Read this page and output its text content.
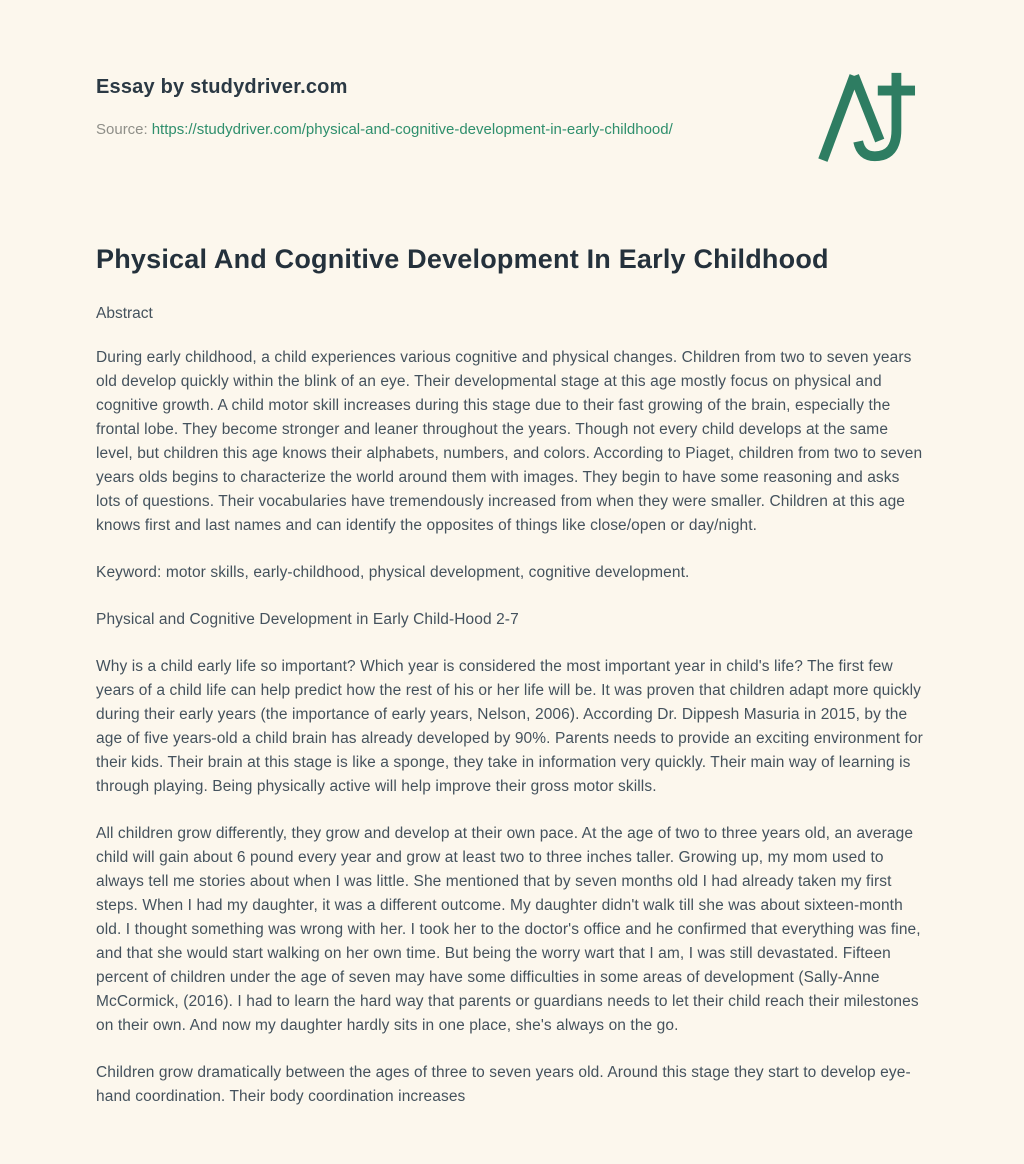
Essay by studydriver.com
Source: https://studydriver.com/physical-and-cognitive-development-in-early-childhood/
Physical And Cognitive Development In Early Childhood
Abstract

During early childhood, a child experiences various cognitive and physical changes. Children from two to seven years old develop quickly within the blink of an eye. Their developmental stage at this age mostly focus on physical and cognitive growth. A child motor skill increases during this stage due to their fast growing of the brain, especially the frontal lobe. They become stronger and leaner throughout the years. Though not every child develops at the same level, but children this age knows their alphabets, numbers, and colors. According to Piaget, children from two to seven years olds begins to characterize the world around them with images. They begin to have some reasoning and asks lots of questions. Their vocabularies have tremendously increased from when they were smaller. Children at this age knows first and last names and can identify the opposites of things like close/open or day/night.

Keyword: motor skills, early-childhood, physical development, cognitive development.

Physical and Cognitive Development in Early Child-Hood 2-7

Why is a child early life so important? Which year is considered the most important year in child's life? The first few years of a child life can help predict how the rest of his or her life will be. It was proven that children adapt more quickly during their early years (the importance of early years, Nelson, 2006). According Dr. Dippesh Masuria in 2015, by the age of five years-old a child brain has already developed by 90%. Parents needs to provide an exciting environment for their kids. Their brain at this stage is like a sponge, they take in information very quickly. Their main way of learning is through playing. Being physically active will help improve their gross motor skills.

All children grow differently, they grow and develop at their own pace. At the age of two to three years old, an average child will gain about 6 pound every year and grow at least two to three inches taller. Growing up, my mom used to always tell me stories about when I was little. She mentioned that by seven months old I had already taken my first steps. When I had my daughter, it was a different outcome. My daughter didn't walk till she was about sixteen-month old. I thought something was wrong with her. I took her to the doctor's office and he confirmed that everything was fine, and that she would start walking on her own time. But being the worry wart that I am, I was still devastated. Fifteen percent of children under the age of seven may have some difficulties in some areas of development (Sally-Anne McCormick, (2016). I had to learn the hard way that parents or guardians needs to let their child reach their milestones on their own. And now my daughter hardly sits in one place, she's always on the go.

Children grow dramatically between the ages of three to seven years old. Around this stage they start to develop eye-hand coordination. Their body coordination increases
